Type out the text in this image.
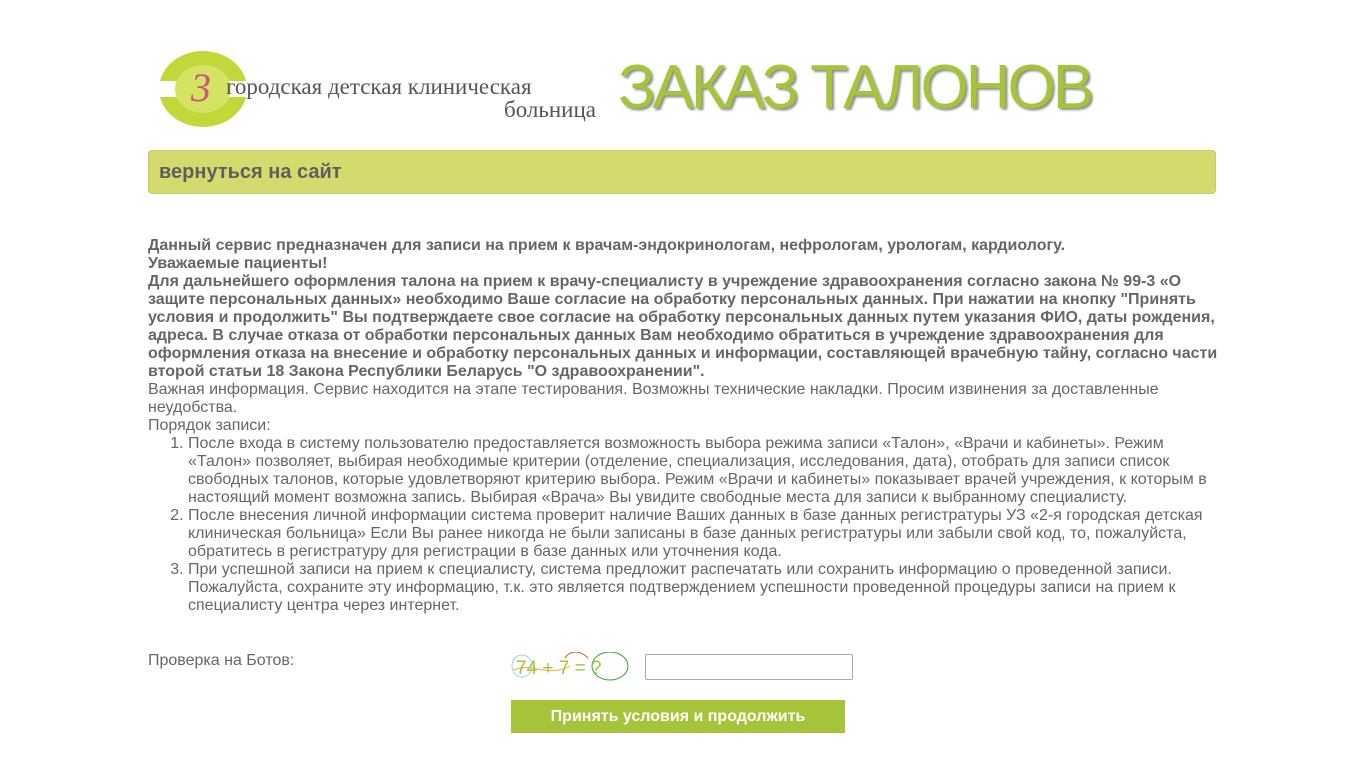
3 городская детская клиническая
больница ЗАКАЗ ТАЛОНОВ
вернуться на сайт

Данный сервис предназначен для записи на прием к врачам-эндокринологам, нефрологам, урологам, кардиологу.

Уважаемые пациенты!

Для дальнейшего оформления талона на прием к врачу-специалисту в учреждение здравоохранения согласно закона № 99-3 «О защите персональных данных» необходимо Ваше согласие на обработку персональных данных. При нажатии на кнопку "Принять условия и продолжить" Вы подтверждаете свое согласие на обработку персональных данных путем указания ФИО, даты рождения, адреса. В случае отказа от обработки персональных данных Вам необходимо обратиться в учреждение здравоохранения для оформления отказа на внесение и обработку персональных данных и информации, составляющей врачебную тайну, согласно части второй статьи 18 Закона Республики Беларусь "О здравоохранении".

Важная информация. Сервис находится на этапе тестирования. Возможны технические накладки. Просим извинения за доставленные неудобства.

Порядок записи:

1. После входа в систему пользователю предоставляется возможность выбора режима записи «Талон», «Врачи и кабинеты». Режим «Талон» позволяет, выбирая необходимые критерии (отделение, специализация, исследования, дата), отобрать для записи список свободных талонов, которые удовлетворяют критерию выбора. Режим «Врачи и кабинеты» показывает врачей учреждения, к которым в настоящий момент возможна запись. Выбирая «Врача» Вы увидите свободные места для записи к выбранному специалисту.
2. После внесения личной информации система проверит наличие Ваших данных в базе данных регистратуры УЗ «2-я городская детская клиническая больница» Если Вы ранее никогда не были записаны в базе данных регистратуры или забыли свой код, то, пожалуйста, обратитесь в регистратуру для регистрации в базе данных или уточнения кода.
3. При успешной записи на прием к специалисту, система предложит распечатать или сохранить информацию о проведенной записи. Пожалуйста, сохраните эту информацию, т.к. это является подтверждением успешности проведенной процедуры записи на прием к специалисту центра через интернет.
Проверка на Ботов:	74 + 7 = ?
Принять условия и продолжить
